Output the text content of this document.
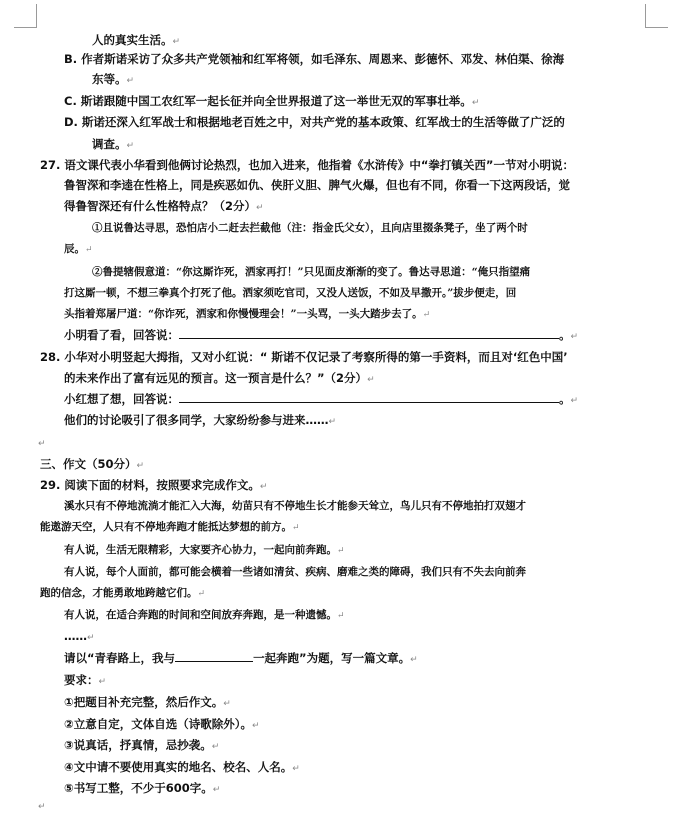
人的真实生活。↵
B. 作者斯诺采访了众多共产党领袖和红军将领，如毛泽东、周恩来、彭德怀、邓发、林伯渠、徐海
东等。↵
C. 斯诺跟随中国工农红军一起长征并向全世界报道了这一举世无双的军事壮举。↵
D. 斯诺还深入红军战士和根据地老百姓之中，对共产党的基本政策、红军战士的生活等做了广泛的
调查。↵
27. 语文课代表小华看到他俩讨论热烈，也加入进来，他指着《水浒传》中“拳打镇关西”一节对小明说：
鲁智深和李逵在性格上，同是疾恶如仇、侠肝义胆、脾气火爆，但也有不同，你看一下这两段话，觉
得鲁智深还有什么性格特点？（2分）↵
①且说鲁达寻思，恐怕店小二赶去拦截他（注：指金氏父女），且向店里掇条凳子，坐了两个时
辰。↵
②鲁提辖假意道：“你这厮诈死，洒家再打！”只见面皮渐渐的变了。鲁达寻思道：“俺只指望痛
打这厮一顿，不想三拳真个打死了他。洒家须吃官司，又没人送饭，不如及早撒开。”拔步便走，回
头指着郑屠尸道：“你诈死，洒家和你慢慢理会！”一头骂，一头大踏步去了。↵
小明看了看，回答说：	。↵
28. 小华对小明竖起大拇指，又对小红说：“ 斯诺不仅记录了考察所得的第一手资料，而且对‘红色中国’
的未来作出了富有远见的预言。这一预言是什么？”（2分）↵
小红想了想，回答说：	。↵
他们的讨论吸引了很多同学，大家纷纷参与进来……↵
↵
三、作文（50分）↵
29. 阅读下面的材料，按照要求完成作文。↵
溪水只有不停地流淌才能汇入大海，幼苗只有不停地生长才能参天耸立，鸟儿只有不停地拍打双翅才
能遨游天空，人只有不停地奔跑才能抵达梦想的前方。↵
有人说，生活无限精彩，大家要齐心协力，一起向前奔跑。↵
有人说，每个人面前，都可能会横着一些诸如清贫、疾病、磨难之类的障碍，我们只有不失去向前奔
跑的信念，才能勇敢地跨越它们。↵
有人说，在适合奔跑的时间和空间放弃奔跑，是一种遗憾。↵
……↵
请以“青春路上，我与	一起奔跑”为题，写一篇文章。↵
要求：↵
①把题目补充完整，然后作文。↵
②立意自定，文体自选（诗歌除外）。↵
③说真话，抒真情，忌抄袭。↵
④文中请不要使用真实的地名、校名、人名。↵
⑤书写工整，不少于600字。↵
↵
